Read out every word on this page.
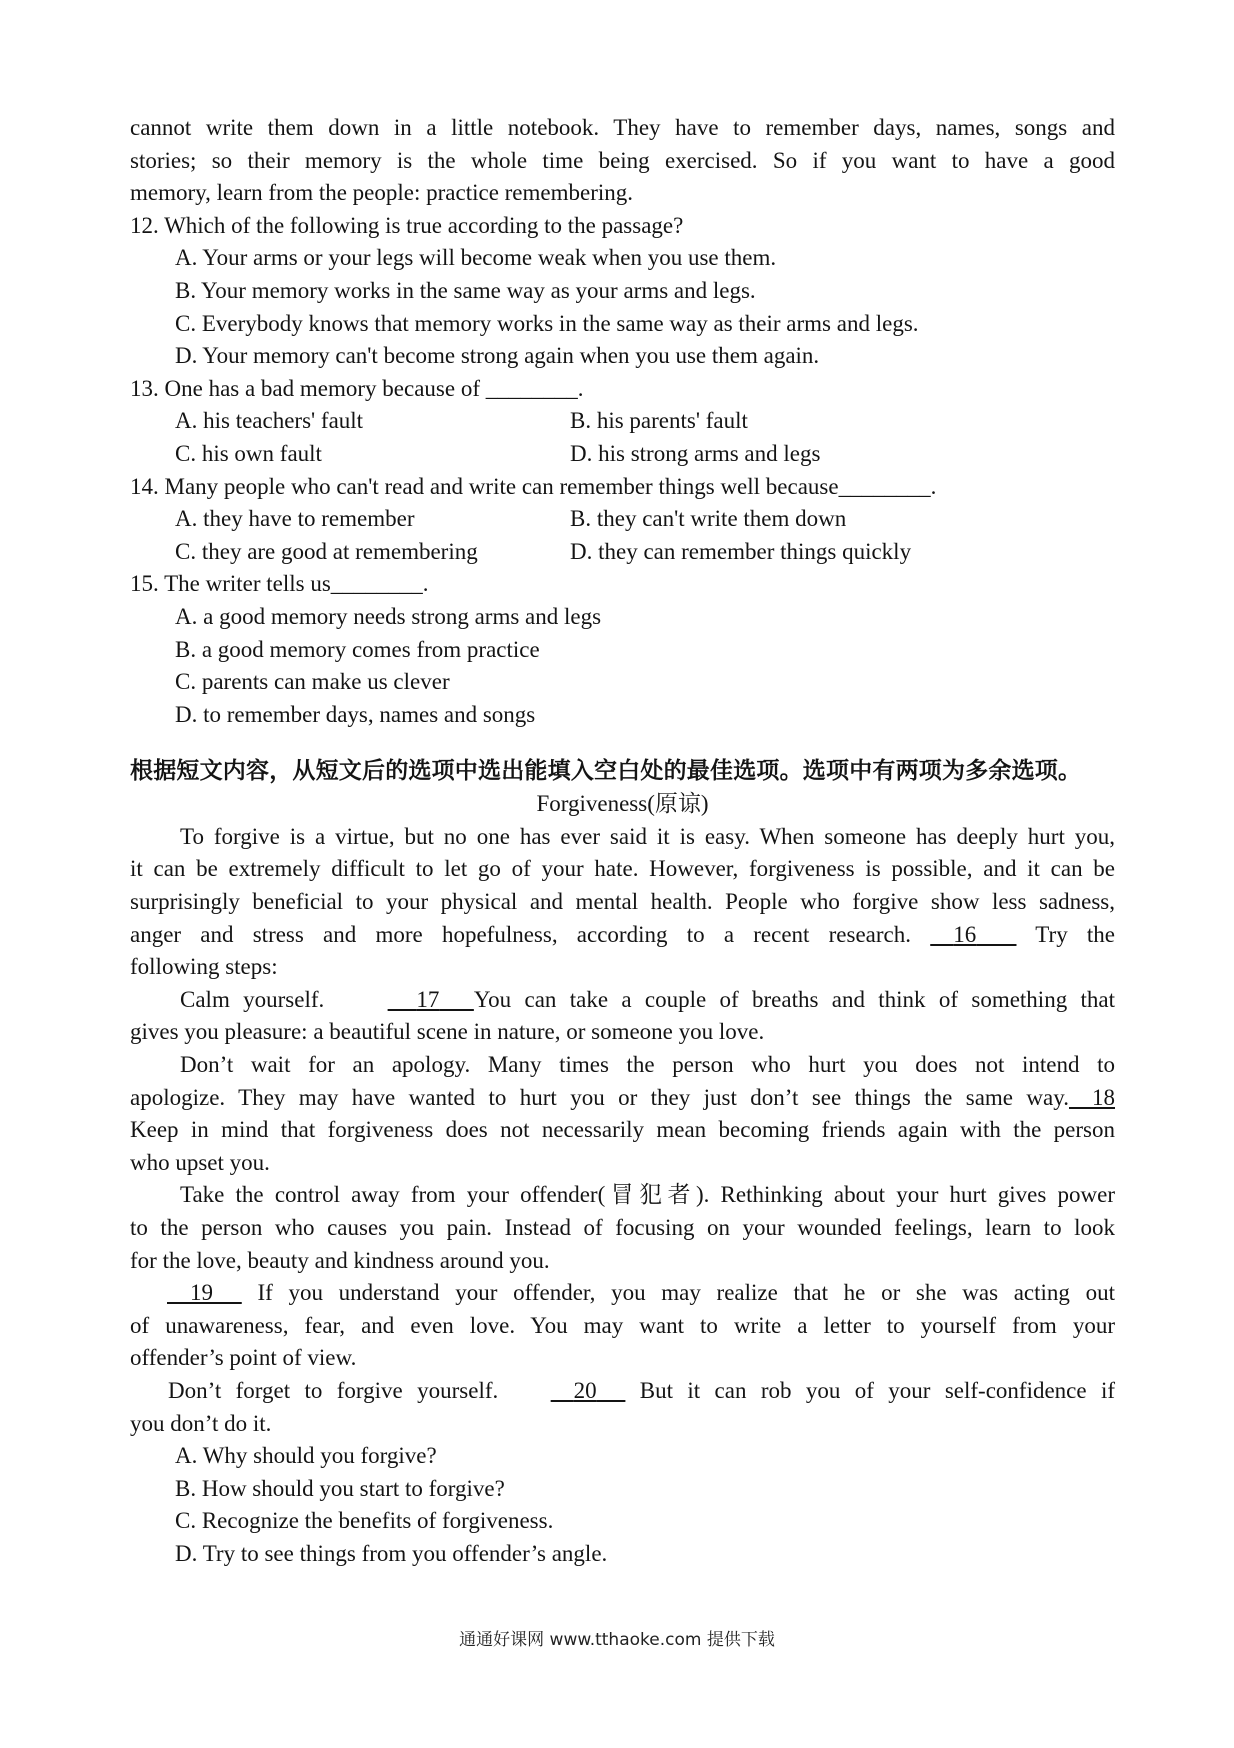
cannot write them down in a little notebook. They have to remember days, names, songs and
stories; so their memory is the whole time being exercised. So if you want to have a good
memory, learn from the people: practice remembering.
12. Which of the following is true according to the passage?
A. Your arms or your legs will become weak when you use them.
B. Your memory works in the same way as your arms and legs.
C. Everybody knows that memory works in the same way as their arms and legs.
D. Your memory can't become strong again when you use them again.
13. One has a bad memory because of ________.
A. his teachers' fault	B. his parents' fault
C. his own fault	D. his strong arms and legs
14. Many people who can't read and write can remember things well because________.
A. they have to remember	B. they can't write them down
C. they are good at remembering	D. they can remember things quickly
15. The writer tells us________.
A. a good memory needs strong arms and legs
B. a good memory comes from practice
C. parents can make us clever
D. to remember days, names and songs
根据短文内容，从短文后的选项中选出能填入空白处的最佳选项。选项中有两项为多余选项。
Forgiveness(原谅)
To forgive is a virtue, but no one has ever said it is easy. When someone has deeply hurt you,
it can be extremely difficult to let go of your hate. However, forgiveness is possible, and it can be
surprisingly beneficial to your physical and mental health. People who forgive show less sadness,
anger and stress and more hopefulness, according to a recent research. 16	Try the
following steps:
Calm yourself.	17 You can take a couple of breaths and think of something that
gives you pleasure: a beautiful scene in nature, or someone you love.
Don’t wait for an apology. Many times the person who hurt you does not intend to
apologize. They may have wanted to hurt you or they just don’t see things the same way. 18
Keep in mind that forgiveness does not necessarily mean becoming friends again with the person
who upset you.
Take the control away from your offender(冒犯者). Rethinking about your hurt gives power
to the person who causes you pain. Instead of focusing on your wounded feelings, learn to look
for the love, beauty and kindness around you.
19 If you understand your offender, you may realize that he or she was acting out
of unawareness, fear, and even love. You may want to write a letter to yourself from your
offender’s point of view.
Don’t forget to forgive yourself.	20 But it can rob you of your self-confidence if
you don’t do it.
A. Why should you forgive?
B. How should you start to forgive?
C. Recognize the benefits of forgiveness.
D. Try to see things from you offender’s angle.
通通好课网 www.tthaoke.com 提供下载
